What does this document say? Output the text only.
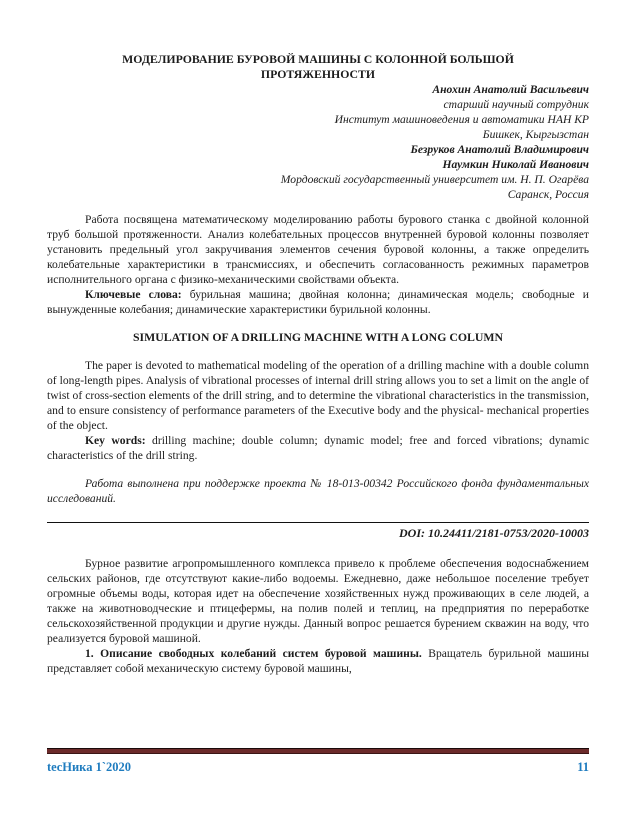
МОДЕЛИРОВАНИЕ БУРОВОЙ МАШИНЫ С КОЛОННОЙ БОЛЬШОЙ ПРОТЯЖЕННОСТИ
Анохин Анатолий Васильевич
старший научный сотрудник
Институт машиноведения и автоматики НАН КР
Бишкек, Кыргызстан
Безруков Анатолий Владимирович
Наумкин Николай Иванович
Мордовский государственный университет им. Н. П. Огарёва
Саранск, Россия

Работа посвящена математическому моделированию работы бурового станка с двойной колонной труб большой протяженности. Анализ колебательных процессов внутренней буровой колонны позволяет установить предельный угол закручивания элементов сечения буровой колонны, а также определить колебательные характеристики в трансмиссиях, и обеспечить согласованность режимных параметров исполнительного органа с физико-механическими свойствами объекта.

Ключевые слова: бурильная машина; двойная колонна; динамическая модель; свободные и вынужденные колебания; динамические характеристики бурильной колонны.

SIMULATION OF A DRILLING MACHINE WITH A LONG COLUMN

The paper is devoted to mathematical modeling of the operation of a drilling machine with a double column of long-length pipes. Analysis of vibrational processes of internal drill string allows you to set a limit on the angle of twist of cross-section elements of the drill string, and to determine the vibrational characteristics in the transmission, and to ensure consistency of performance parameters of the Executive body and the physical- mechanical properties of the object.

Key words: drilling machine; double column; dynamic model; free and forced vibrations; dynamic characteristics of the drill string.

Работа выполнена при поддержке проекта № 18-013-00342 Российского фонда фундаментальных исследований.

DOI: 10.24411/2181-0753/2020-10003

Бурное развитие агропромышленного комплекса привело к проблеме обеспечения водоснабжением сельских районов, где отсутствуют какие-либо водоемы. Ежедневно, даже небольшое поселение требует огромные объемы воды, которая идет на обеспечение хозяйственных нужд проживающих в селе людей, а также на животноводческие и птицефермы, на полив полей и теплиц, на предприятия по переработке сельскохозяйственной продукции и другие нужды. Данный вопрос решается бурением скважин на воду, что реализуется буровой машиной.

1. Описание свободных колебаний систем буровой машины. Вращатель бурильной машины представляет собой механическую систему буровой машины,

tecНика 1`2020	11
